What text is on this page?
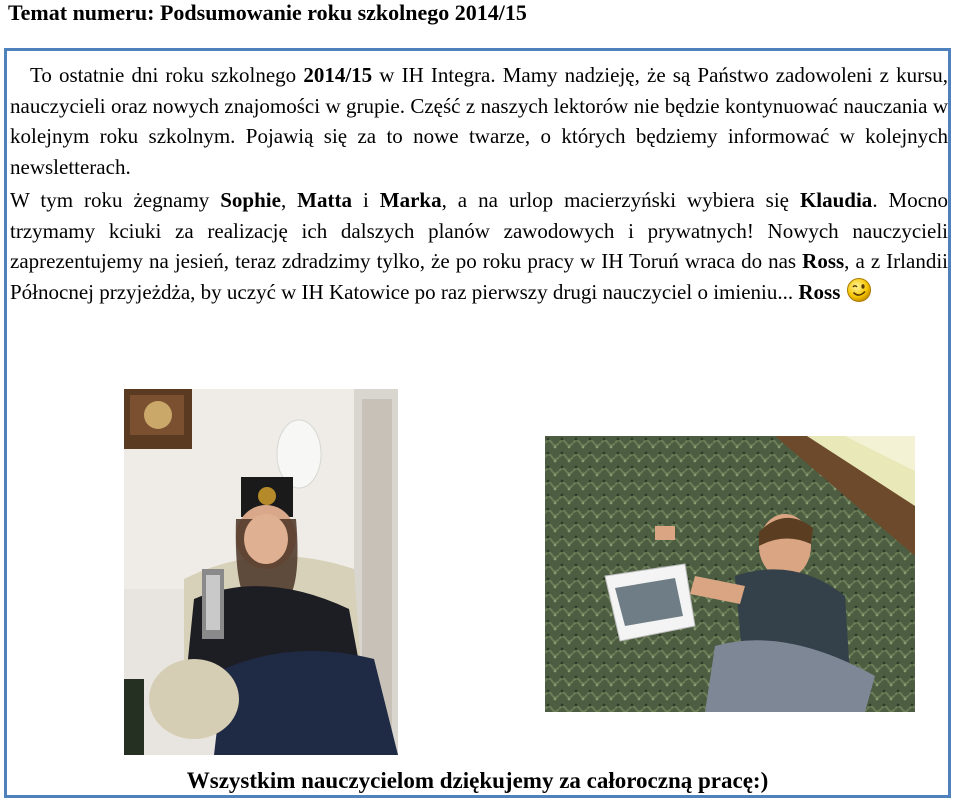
Temat numeru: Podsumowanie roku szkolnego 2014/15

To ostatnie dni roku szkolnego 2014/15 w IH Integra. Mamy nadzieję, że są Państwo zadowoleni z kursu, nauczycieli oraz nowych znajomości w grupie. Część z naszych lektorów nie będzie kontynuować nauczania w kolejnym roku szkolnym. Pojawią się za to nowe twarze, o których będziemy informować w kolejnych newsletterach.

W tym roku żegnamy Sophie, Matta i Marka, a na urlop macierzyński wybiera się Klaudia. Mocno trzymamy kciuki za realizację ich dalszych planów zawodowych i prywatnych! Nowych nauczycieli zaprezentujemy na jesień, teraz zdradzimy tylko, że po roku pracy w IH Toruń wraca do nas Ross, a z Irlandii Północnej przyjeżdża, by uczyć w IH Katowice po raz pierwszy drugi nauczyciel o imieniu... Ross

Wszystkim nauczycielom dziękujemy za całoroczną pracę:)
